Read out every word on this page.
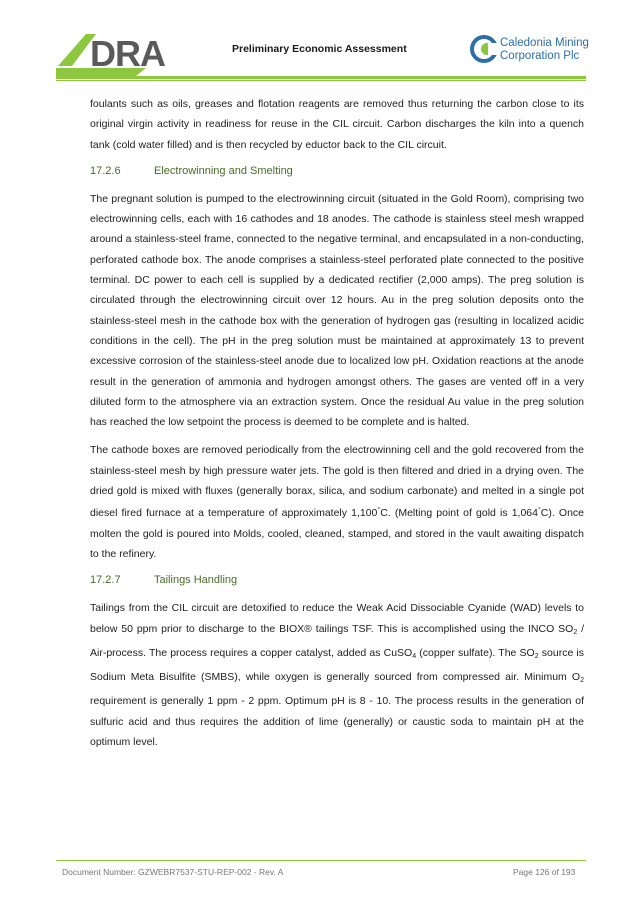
DRA	Preliminary Economic Assessment	Caledonia Mining
Corporation Plc

foulants such as oils, greases and flotation reagents are removed thus returning the carbon close to its original virgin activity in readiness for reuse in the CIL circuit. Carbon discharges the kiln into a quench tank (cold water filled) and is then recycled by eductor back to the CIL circuit.

17.2.6	Electrowinning and Smelting

The pregnant solution is pumped to the electrowinning circuit (situated in the Gold Room), comprising two electrowinning cells, each with 16 cathodes and 18 anodes. The cathode is stainless steel mesh wrapped around a stainless-steel frame, connected to the negative terminal, and encapsulated in a non-conducting, perforated cathode box. The anode comprises a stainless-steel perforated plate connected to the positive terminal. DC power to each cell is supplied by a dedicated rectifier (2,000 amps). The preg solution is circulated through the electrowinning circuit over 12 hours. Au in the preg solution deposits onto the stainless-steel mesh in the cathode box with the generation of hydrogen gas (resulting in localized acidic conditions in the cell). The pH in the preg solution must be maintained at approximately 13 to prevent excessive corrosion of the stainless-steel anode due to localized low pH. Oxidation reactions at the anode result in the generation of ammonia and hydrogen amongst others. The gases are vented off in a very diluted form to the atmosphere via an extraction system. Once the residual Au value in the preg solution has reached the low setpoint the process is deemed to be complete and is halted.

The cathode boxes are removed periodically from the electrowinning cell and the gold recovered from the stainless-steel mesh by high pressure water jets. The gold is then filtered and dried in a drying oven. The dried gold is mixed with fluxes (generally borax, silica, and sodium carbonate) and melted in a single pot diesel fired furnace at a temperature of approximately 1,100°C. (Melting point of gold is 1,064°C). Once molten the gold is poured into Molds, cooled, cleaned, stamped, and stored in the vault awaiting dispatch to the refinery.

17.2.7	Tailings Handling

Tailings from the CIL circuit are detoxified to reduce the Weak Acid Dissociable Cyanide (WAD) levels to below 50 ppm prior to discharge to the BIOX® tailings TSF. This is accomplished using the INCO $SO_2$ / Air-process. The process requires a copper catalyst, added as CuSO$_4$ (copper sulfate). The $SO_2$ source is Sodium Meta Bisulfite (SMBS), while oxygen is generally sourced from compressed air. Minimum $O_2$ requirement is generally 1 ppm - 2 ppm. Optimum pH is 8 - 10. The process results in the generation of sulfuric acid and thus requires the addition of lime (generally) or caustic soda to maintain pH at the optimum level.

Document Number: GZWEBR7537-STU-REP-002 - Rev. A	Page 126 of 193
